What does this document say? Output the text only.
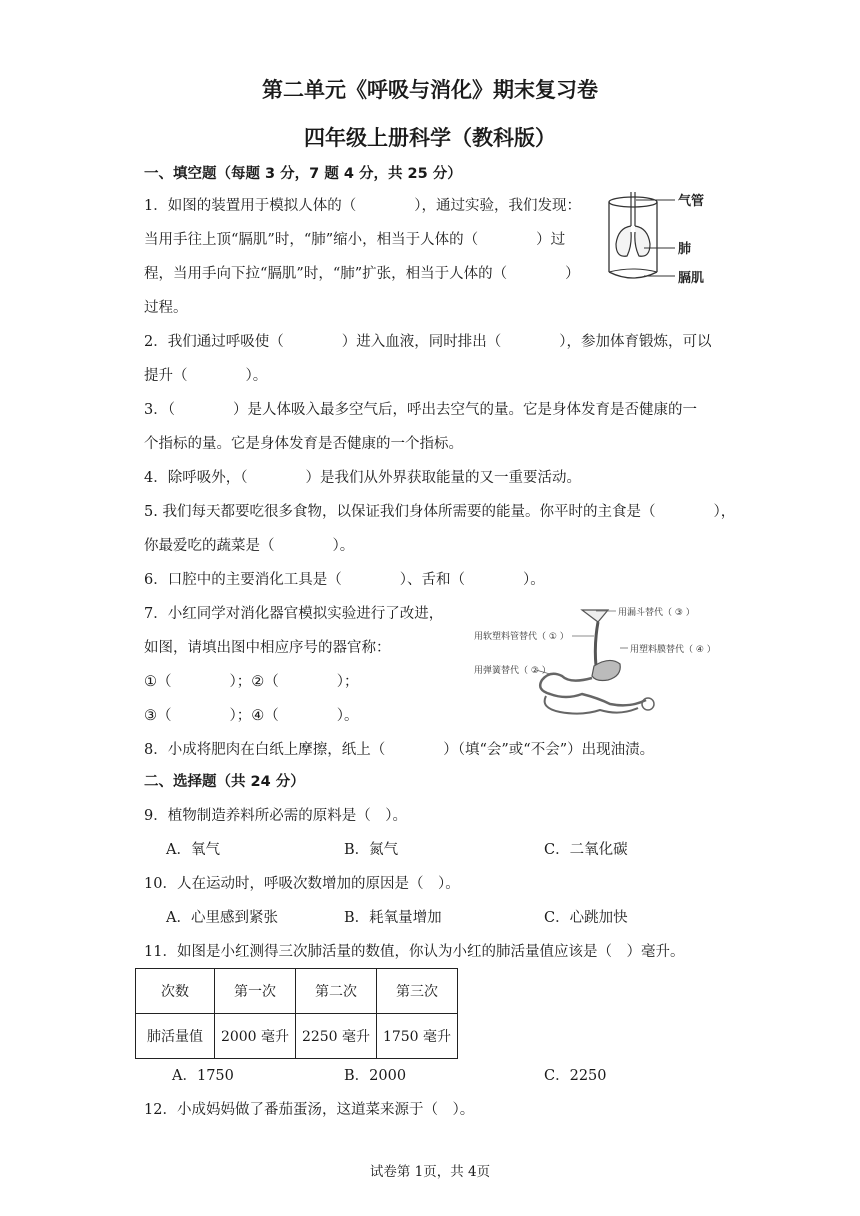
第二单元《呼吸与消化》期末复习卷
四年级上册科学（教科版）
一、填空题（每题 3 分，7 题 4 分，共 25 分）
1．如图的装置用于模拟人体的（　　　　），通过实验，我们发现：
当用手往上顶“膈肌”时，“肺”缩小，相当于人体的（　　　　）过
程，当用手向下拉“膈肌”时，“肺”扩张，相当于人体的（　　　　）
过程。
气管
肺
膈肌
2．我们通过呼吸使（　　　　）进入血液，同时排出（　　　　），参加体育锻炼，可以
提升（　　　　）。
3．（　　　　）是人体吸入最多空气后，呼出去空气的量。它是身体发育是否健康的一
个指标的量。它是身体发育是否健康的一个指标。
4．除呼吸外，（　　　　）是我们从外界获取能量的又一重要活动。
5. 我们每天都要吃很多食物，以保证我们身体所需要的能量。你平时的主食是（　　　　），
你最爱吃的蔬菜是（　　　　）。
6．口腔中的主要消化工具是（　　　　）、舌和（　　　　）。
7．小红同学对消化器官模拟实验进行了改进，
如图，请填出图中相应序号的器官称：
①（　　　　）；②（　　　　）；
③（　　　　）；④（　　　　）。
用漏斗替代（ ③ ）
用软塑料管替代（ ① ）
用塑料膜替代（ ④ ）
用弹簧替代（ ② ）
8．小成将肥肉在白纸上摩擦，纸上（　　　　）（填“会”或“不会”）出现油渍。
二、选择题（共 24 分）
9．植物制造养料所必需的原料是（　）。
A．氧气	B．氮气	C．二氧化碳
10．人在运动时，呼吸次数增加的原因是（　）。
A．心里感到紧张	B．耗氧量增加	C．心跳加快
11．如图是小红测得三次肺活量的数值，你认为小红的肺活量值应该是（　）毫升。
次数	第一次	第二次	第三次
肺活量值	2000 毫升	2250 毫升	1750 毫升
A．1750	B．2000	C．2250
12．小成妈妈做了番茄蛋汤，这道菜来源于（　）。
试卷第 1页，共 4页
